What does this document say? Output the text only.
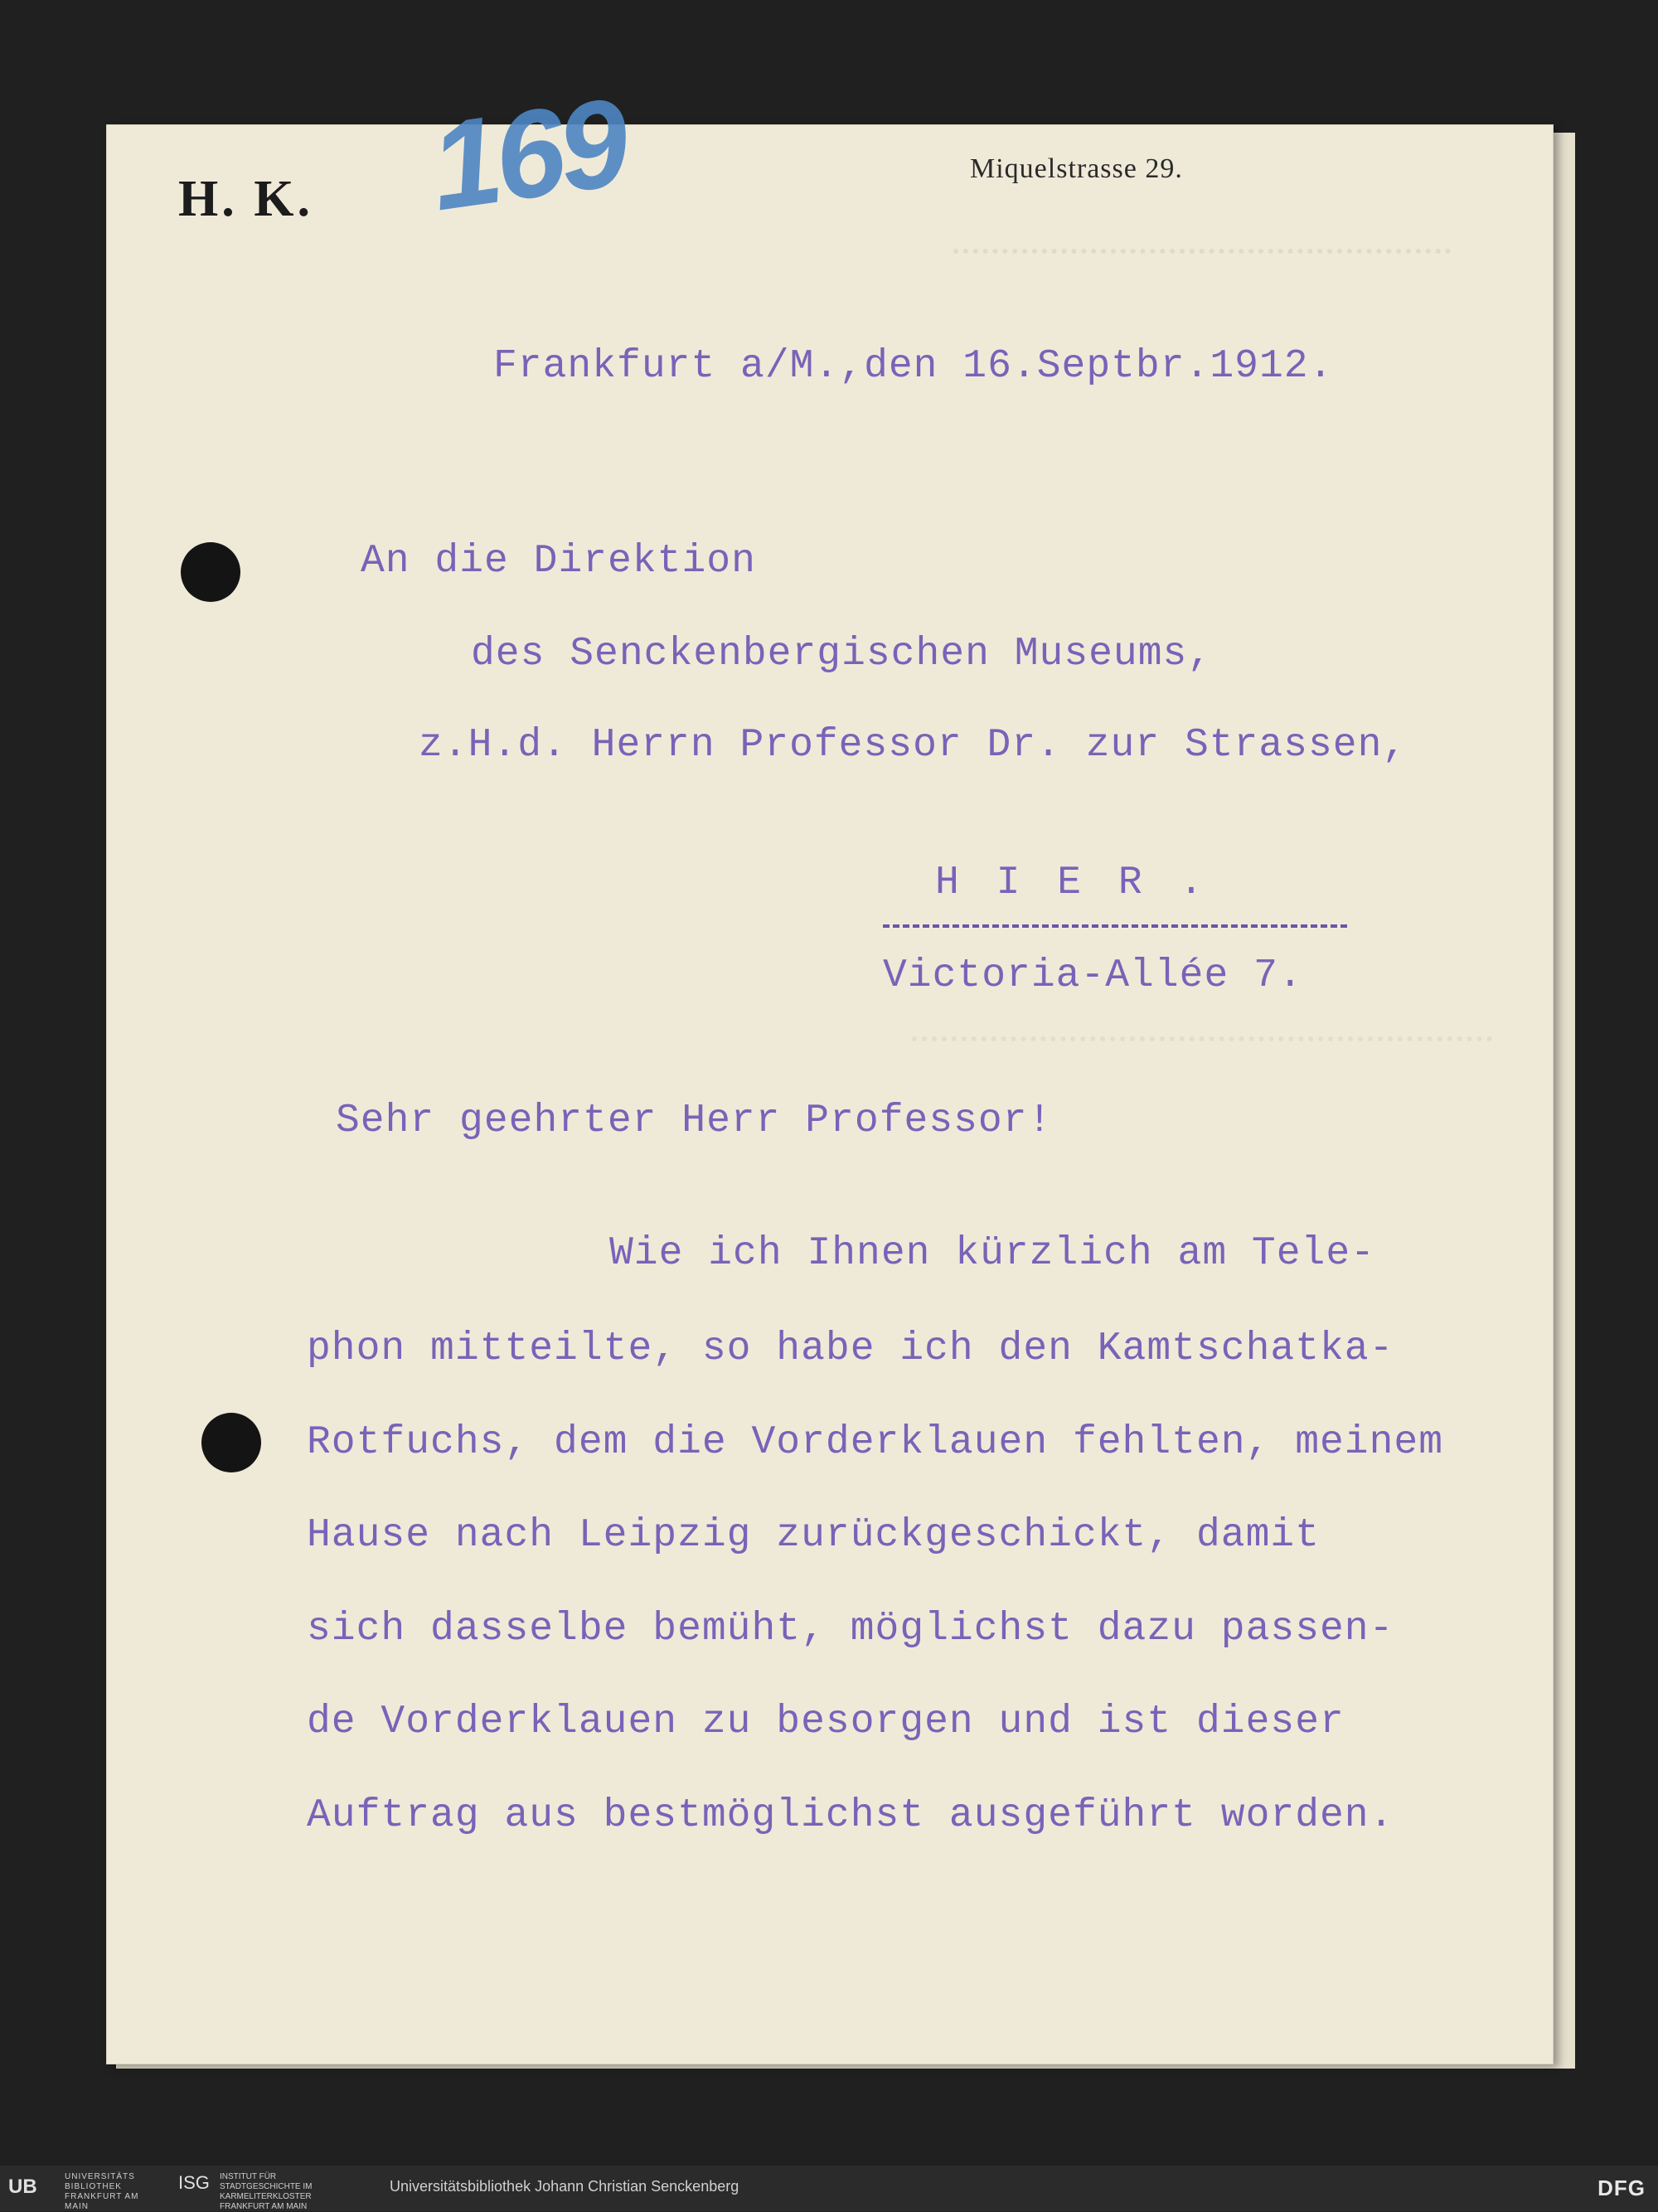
169
H. K.
Miquelstrasse 29.
Frankfurt a/M.,den 16.Septbr.1912.
An die Direktion
des Senckenbergischen Museums,
z.H.d. Herrn Professor Dr. zur Strassen,
H I E R .
Victoria-Allée 7.
Sehr geehrter Herr Professor!
Wie ich Ihnen kürzlich am Tele-
phon mitteilte, so habe ich den Kamtschatka-
Rotfuchs, dem die Vorderklauen fehlten, meinem
Hause nach Leipzig zurückgeschickt, damit
sich dasselbe bemüht, möglichst dazu passen-
de Vorderklauen zu besorgen und ist dieser
Auftrag aus bestmöglichst ausgeführt worden.
UB	UNIVERSITÄTS BIBLIOTHEK FRANKFURT AM MAIN
ISG INSTITUT FÜR STADTGESCHICHTE IM KARMELITERKLOSTER FRANKFURT AM MAIN
Universitätsbibliothek Johann Christian Senckenberg	DFG
